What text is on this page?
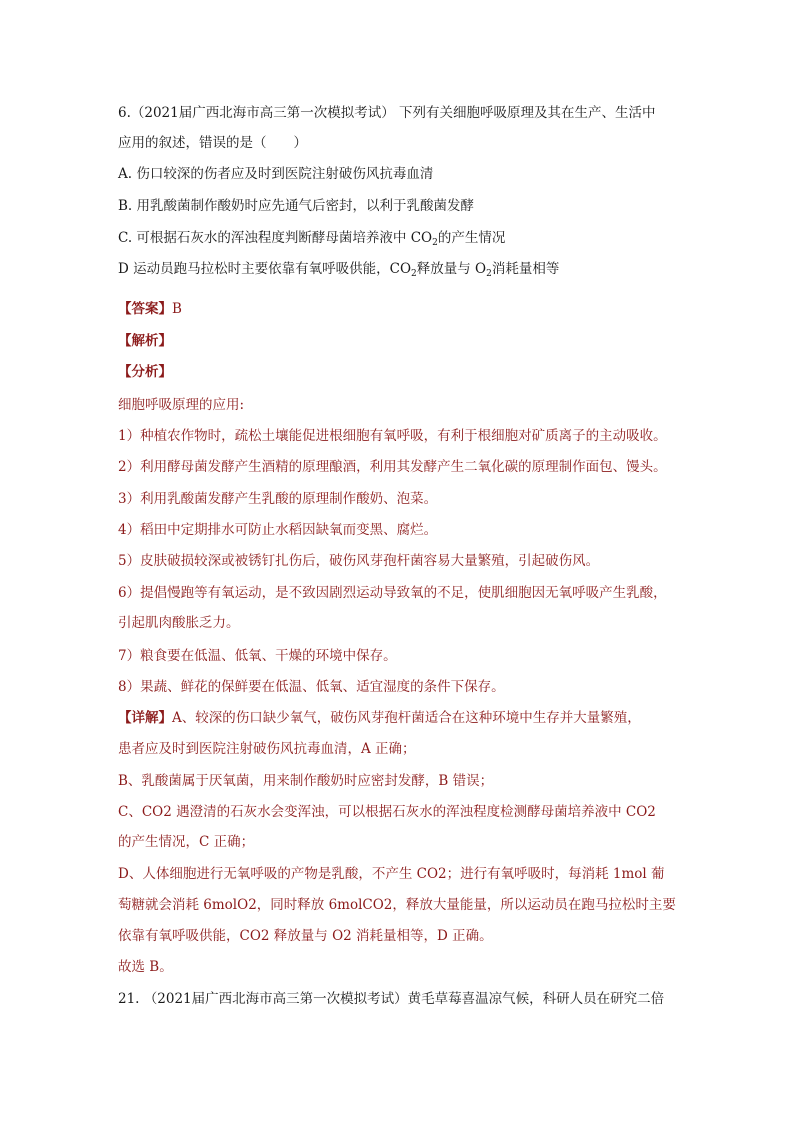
6.（2021届广西北海市高三第一次模拟考试） 下列有关细胞呼吸原理及其在生产、生活中
应用的叙述，错误的是（　　）
A. 伤口较深的伤者应及时到医院注射破伤风抗毒血清
B. 用乳酸菌制作酸奶时应先通气后密封，以利于乳酸菌发酵
C. 可根据石灰水的浑浊程度判断酵母菌培养液中 $CO_2$的产生情况
D 运动员跑马拉松时主要依靠有氧呼吸供能，$CO_2$释放量与 $O_2$消耗量相等
【答案】B
【解析】
【分析】
细胞呼吸原理的应用:
1）种植农作物时，疏松土壤能促进根细胞有氧呼吸，有利于根细胞对矿质离子的主动吸收。
2）利用酵母菌发酵产生酒精的原理酿酒，利用其发酵产生二氧化碳的原理制作面包、馒头。
3）利用乳酸菌发酵产生乳酸的原理制作酸奶、泡菜。
4）稻田中定期排水可防止水稻因缺氧而变黑、腐烂。
5）皮肤破损较深或被锈钉扎伤后，破伤风芽孢杆菌容易大量繁殖，引起破伤风。
6）提倡慢跑等有氧运动，是不致因剧烈运动导致氧的不足，使肌细胞因无氧呼吸产生乳酸，
引起肌肉酸胀乏力。
7）粮食要在低温、低氧、干燥的环境中保存。
8）果蔬、鲜花的保鲜要在低温、低氧、适宜湿度的条件下保存。
【详解】A、较深的伤口缺少氧气，破伤风芽孢杆菌适合在这种环境中生存并大量繁殖，
患者应及时到医院注射破伤风抗毒血清，A 正确；
B、乳酸菌属于厌氧菌，用来制作酸奶时应密封发酵，B 错误；
C、CO2 遇澄清的石灰水会变浑浊，可以根据石灰水的浑浊程度检测酵母菌培养液中 CO2
的产生情况，C 正确；
D、人体细胞进行无氧呼吸的产物是乳酸，不产生 CO2；进行有氧呼吸时，每消耗 1mol 葡
萄糖就会消耗 6molO2，同时释放 6molCO2，释放大量能量，所以运动员在跑马拉松时主要
依靠有氧呼吸供能，CO2 释放量与 O2 消耗量相等，D 正确。
故选 B。
21. （2021届广西北海市高三第一次模拟考试）黄毛草莓喜温凉气候，科研人员在研究二倍
